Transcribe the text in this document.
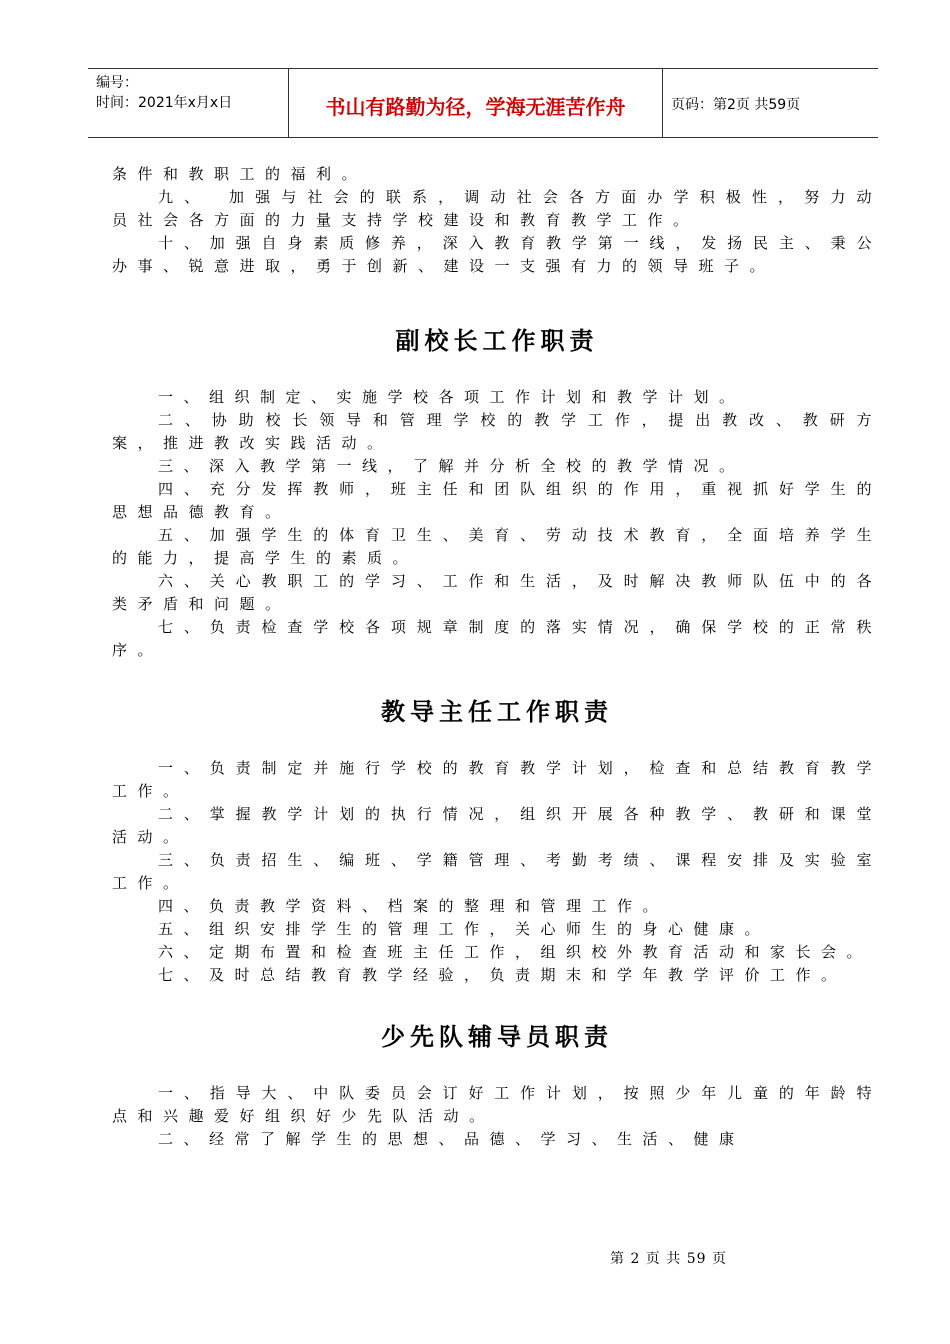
编号：
时间：2021年x月x日	书山有路勤为径，学海无涯苦作舟	页码：第2页 共59页

条件和教职工的福利。

九、　加强与社会的联系，调动社会各方面办学积极性，努力动员社会各方面的力量支持学校建设和教育教学工作。

十、加强自身素质修养，深入教育教学第一线，发扬民主、秉公办事、锐意进取，勇于创新、建设一支强有力的领导班子。

副校长工作职责

一、组织制定、实施学校各项工作计划和教学计划。

二、协助校长领导和管理学校的教学工作，提出教改、教研方案，推进教改实践活动。

三、深入教学第一线，了解并分析全校的教学情况。

四、充分发挥教师，班主任和团队组织的作用，重视抓好学生的思想品德教育。

五、加强学生的体育卫生、美育、劳动技术教育，全面培养学生的能力，提高学生的素质。

六、关心教职工的学习、工作和生活，及时解决教师队伍中的各类矛盾和问题。

七、负责检查学校各项规章制度的落实情况，确保学校的正常秩序。

教导主任工作职责

一、负责制定并施行学校的教育教学计划，检查和总结教育教学工作。

二、掌握教学计划的执行情况，组织开展各种教学、教研和课堂活动。

三、负责招生、编班、学籍管理、考勤考绩、课程安排及实验室工作。

四、负责教学资料、档案的整理和管理工作。

五、组织安排学生的管理工作，关心师生的身心健康。

六、定期布置和检查班主任工作，组织校外教育活动和家长会。

七、及时总结教育教学经验，负责期末和学年教学评价工作。

少先队辅导员职责

一、指导大、中队委员会订好工作计划，按照少年儿童的年龄特点和兴趣爱好组织好少先队活动。

二、经常了解学生的思想、品德、学习、生活、健康

第 2 页 共 59 页
